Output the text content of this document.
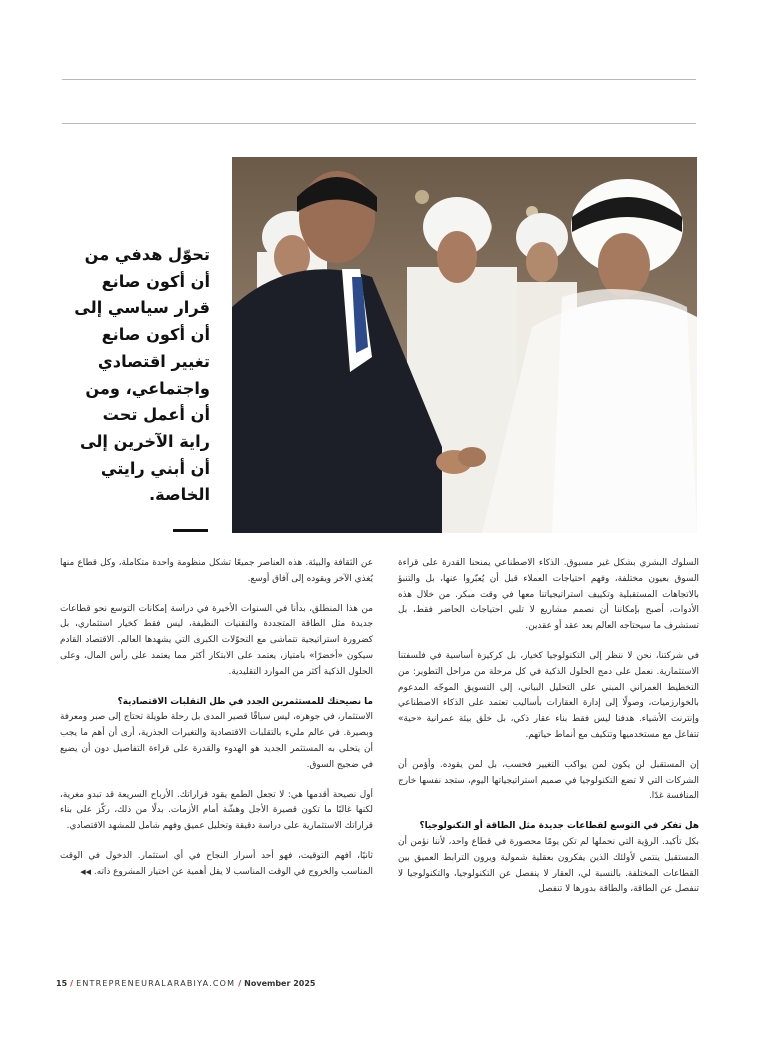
تحوّل هدفي من أن أكون صانع قرار سياسي إلى أن أكون صانع تغيير اقتصادي واجتماعي، ومن أن أعمل تحت راية الآخرين إلى أن أبني رايتي الخاصة.

السلوك البشري بشكل غير مسبوق. الذكاء الاصطناعي يمنحنا القدرة على قراءة السوق بعيون مختلفة، وفهم احتياجات العملاء قبل أن يُعبّروا عنها، بل والتنبؤ بالاتجاهات المستقبلية وتكييف استراتيجياتنا معها في وقت مبكر. من خلال هذه الأدوات، أصبح بإمكاننا أن نصمم مشاريع لا تلبي احتياجات الحاضر فقط، بل تستشرف ما سيحتاجه العالم بعد عقد أو عقدين.

في شركتنا، نحن لا ننظر إلى التكنولوجيا كخيار، بل كركيزة أساسية في فلسفتنا الاستثمارية. نعمل على دمج الحلول الذكية في كل مرحلة من مراحل التطوير: من التخطيط العمراني المبني على التحليل البياني، إلى التسويق الموجّه المدعوم بالخوارزميات، وصولًا إلى إدارة العقارات بأساليب تعتمد على الذكاء الاصطناعي وإنترنت الأشياء. هدفنا ليس فقط بناء عقار ذكي، بل خلق بيئة عمرانية «حية» تتفاعل مع مستخدميها وتتكيف مع أنماط حياتهم.

إن المستقبل لن يكون لمن يواكب التغيير فحسب، بل لمن يقوده. وأؤمن أن الشركات التي لا تضع التكنولوجيا في صميم استراتيجياتها اليوم، ستجد نفسها خارج المنافسة غدًا.

هل تفكر في التوسع لقطاعات جديدة مثل الطاقة أو التكنولوجيا؟

بكل تأكيد. الرؤية التي نحملها لم تكن يومًا محصورة في قطاع واحد، لأننا نؤمن أن المستقبل ينتمي لأولئك الذين يفكرون بعقلية شمولية ويرون الترابط العميق بين القطاعات المختلفة. بالنسبة لي، العقار لا ينفصل عن التكنولوجيا، والتكنولوجيا لا تنفصل عن الطاقة، والطاقة بدورها لا تنفصل

عن الثقافة والبيئة. هذه العناصر جميعًا تشكل منظومة واحدة متكاملة، وكل قطاع منها يُغذي الآخر ويقوده إلى آفاق أوسع.

من هذا المنطلق، بدأنا في السنوات الأخيرة في دراسة إمكانات التوسع نحو قطاعات جديدة مثل الطاقة المتجددة والتقنيات النظيفة، ليس فقط كخيار استثماري، بل كضرورة استراتيجية تتماشى مع التحوّلات الكبرى التي يشهدها العالم. الاقتصاد القادم سيكون «أخضرًا» بامتياز، يعتمد على الابتكار أكثر مما يعتمد على رأس المال، وعلى الحلول الذكية أكثر من الموارد التقليدية.

ما نصيحتك للمستثمرين الجدد في ظل التقلبات الاقتصادية؟

الاستثمار، في جوهره، ليس سباقًا قصير المدى بل رحلة طويلة تحتاج إلى صبر ومعرفة وبصيرة. في عالم مليء بالتقلبات الاقتصادية والتغيرات الجذرية، أرى أن أهم ما يجب أن يتحلى به المستثمر الجديد هو الهدوء والقدرة على قراءة التفاصيل دون أن يضيع في ضجيج السوق.

أول نصيحة أقدمها هي: لا تجعل الطمع يقود قراراتك. الأرباح السريعة قد تبدو مغرية، لكنها غالبًا ما تكون قصيرة الأجل وهشّة أمام الأزمات. بدلًا من ذلك، ركّز على بناء قراراتك الاستثمارية على دراسة دقيقة وتحليل عميق وفهم شامل للمشهد الاقتصادي.

ثانيًا، افهم التوقيت، فهو أحد أسرار النجاح في أي استثمار. الدخول في الوقت المناسب والخروج في الوقت المناسب لا يقل أهمية عن اختيار المشروع ذاته. ◀◀

15 / ENTREPRENEURALARABIYA.COM / November 2025
